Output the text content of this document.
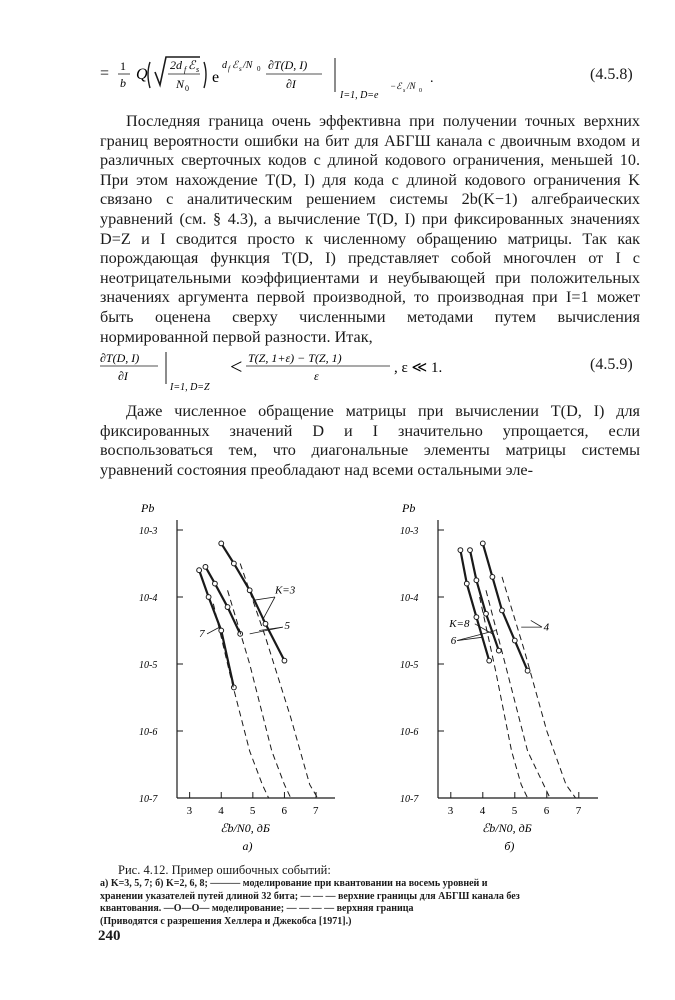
= 1
b Q
2d f ℰ s
N 0
e
d f ℰ s /N 0 ∂T(D, I)
∂I
I=1, D=e
−ℰ s /N 0
.	(4.5.8)

Последняя граница очень эффективна при получении точных верхних границ вероятности ошибки на бит для АБГШ канала с двоичным входом и различных сверточных кодов с длиной кодового ограничения, меньшей 10. При этом нахождение T(D, I) для кода с длиной кодового ограничения K связано с аналитическим решением системы 2b(K−1) алгебраических уравнений (см. § 4.3), а вычисление T(D, I) при фиксированных значениях D=Z и I сводится просто к численному обращению матрицы. Так как порождающая функция T(D, I) представляет собой многочлен от I с неотрицательными коэффициентами и неубывающей при положительных значениях аргумента первой производной, то производная при I=1 может быть оценена сверху численными методами путем вычисления нормированной первой разности. Итак,

∂T(D, I)
∂I
I=1, D=Z
< T(Z, 1+ε) − T(Z, 1)
ε	, ε ≪ 1.	(4.5.9)

Даже численное обращение матрицы при вычислении T(D, I) для фиксированных значений D и I значительно упрощается, если воспользоваться тем, что диагональные элементы матрицы системы уравнений состояния преобладают над всеми остальными эле-

Pb
10-3
10-4
10-5
10-6
10-7
3 4 5 6 7
ℰb/N0, дБ
а)
K=3
5
7
Pb
10-3
10-4
10-5
10-6
10-7
3 4 5 6 7
ℰb/N0, дБ
б)
K=8
6
4
Рис. 4.12. Пример ошибочных событий:
а) K=3, 5, 7; б) K=2, 6, 8; ——— моделирование при квантовании на восемь уровней и
хранении указателей путей длиной 32 бита; — — — верхние границы для АБГШ канала без
квантования. —O—O— моделирование; — — — — верхняя граница
(Приводятся с разрешения Хеллера и Джекобса [1971].)
240
